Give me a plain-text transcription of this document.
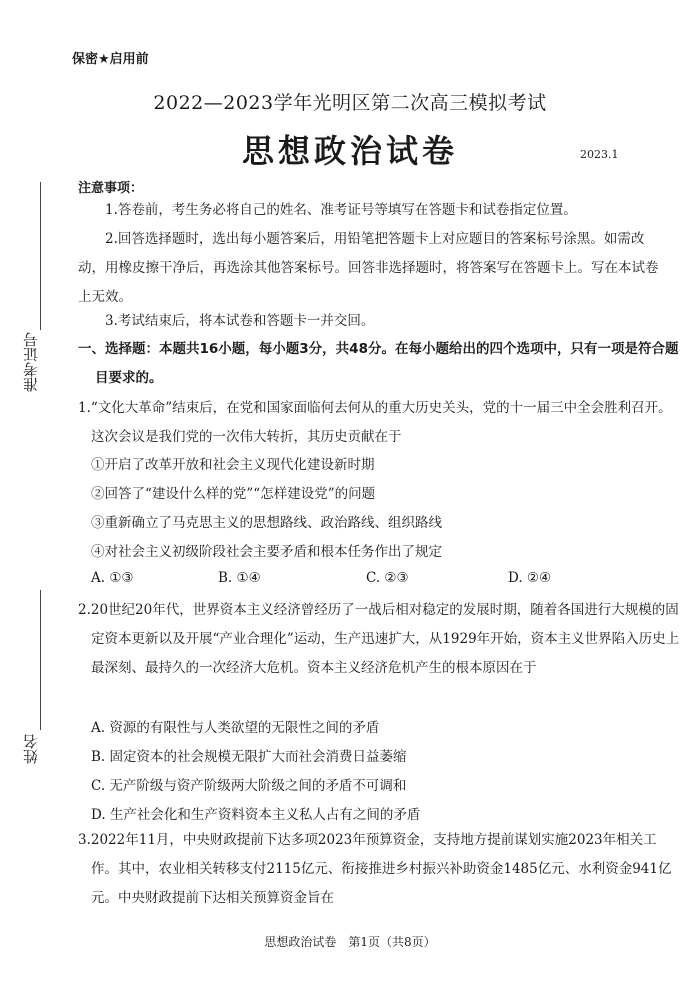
保密★启用前
2022—2023学年光明区第二次高三模拟考试
思想政治试卷	2023.1
准考证号
姓名
注意事项：
1.答卷前，考生务必将自己的姓名、准考证号等填写在答题卡和试卷指定位置。
2.回答选择题时，选出每小题答案后，用铅笔把答题卡上对应题目的答案标号涂黑。如需改动，用橡皮擦干净后，再选涂其他答案标号。回答非选择题时，将答案写在答题卡上。写在本试卷上无效。
3.考试结束后，将本试卷和答题卡一并交回。
一、选择题：本题共16小题，每小题3分，共48分。在每小题给出的四个选项中，只有一项是符合题目要求的。
1.“文化大革命”结束后，在党和国家面临何去何从的重大历史关头，党的十一届三中全会胜利召开。这次会议是我们党的一次伟大转折，其历史贡献在于
①开启了改革开放和社会主义现代化建设新时期
②回答了“建设什么样的党”“怎样建设党”的问题
③重新确立了马克思主义的思想路线、政治路线、组织路线
④对社会主义初级阶段社会主要矛盾和根本任务作出了规定
A. ①③	B. ①④	C. ②③	D. ②④
2.20世纪20年代，世界资本主义经济曾经历了一战后相对稳定的发展时期，随着各国进行大规模的固定资本更新以及开展“产业合理化”运动，生产迅速扩大，从1929年开始，资本主义世界陷入历史上最深刻、最持久的一次经济大危机。资本主义经济危机产生的根本原因在于
A. 资源的有限性与人类欲望的无限性之间的矛盾
B. 固定资本的社会规模无限扩大而社会消费日益萎缩
C. 无产阶级与资产阶级两大阶级之间的矛盾不可调和
D. 生产社会化和生产资料资本主义私人占有之间的矛盾
3.2022年11月，中央财政提前下达多项2023年预算资金，支持地方提前谋划实施2023年相关工作。其中，农业相关转移支付2115亿元、衔接推进乡村振兴补助资金1485亿元、水利资金941亿元。中央财政提前下达相关预算资金旨在
思想政治试卷　第1页（共8页）
